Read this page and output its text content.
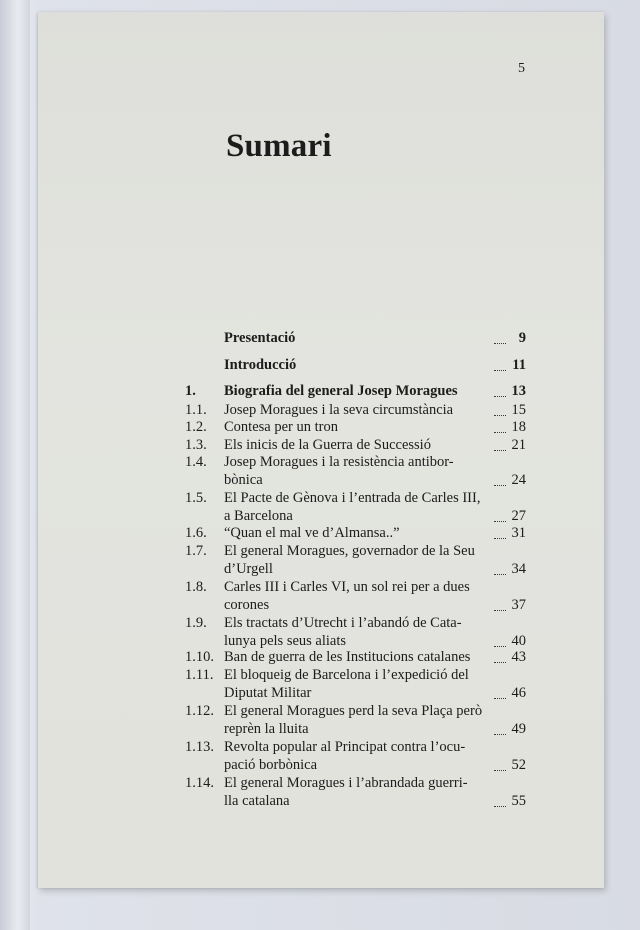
5
Sumari
Presentació	9
Introducció	11
1.	Biografia del general Josep Moragues	13
1.1.	Josep Moragues i la seva circumstància	15
1.2.	Contesa per un tron	18
1.3.	Els inicis de la Guerra de Successió	21
1.4.	Josep Moragues i la resistència antibor-
bònica	24
1.5.	El Pacte de Gènova i l’entrada de Carles III,
a Barcelona	27
1.6.	“Quan el mal ve d’Almansa..”	31
1.7.	El general Moragues, governador de la Seu
d’Urgell	34
1.8.	Carles III i Carles VI, un sol rei per a dues
corones	37
1.9.	Els tractats d’Utrecht i l’abandó de Cata-
lunya pels seus aliats	40
1.10. Ban de guerra de les Institucions catalanes	43
1.11. El bloqueig de Barcelona i l’expedició del
Diputat Militar	46
1.12. El general Moragues perd la seva Plaça però
reprèn la lluita	49
1.13. Revolta popular al Principat contra l’ocu-
pació borbònica	52
1.14. El general Moragues i l’abrandada guerri-
lla catalana	55
